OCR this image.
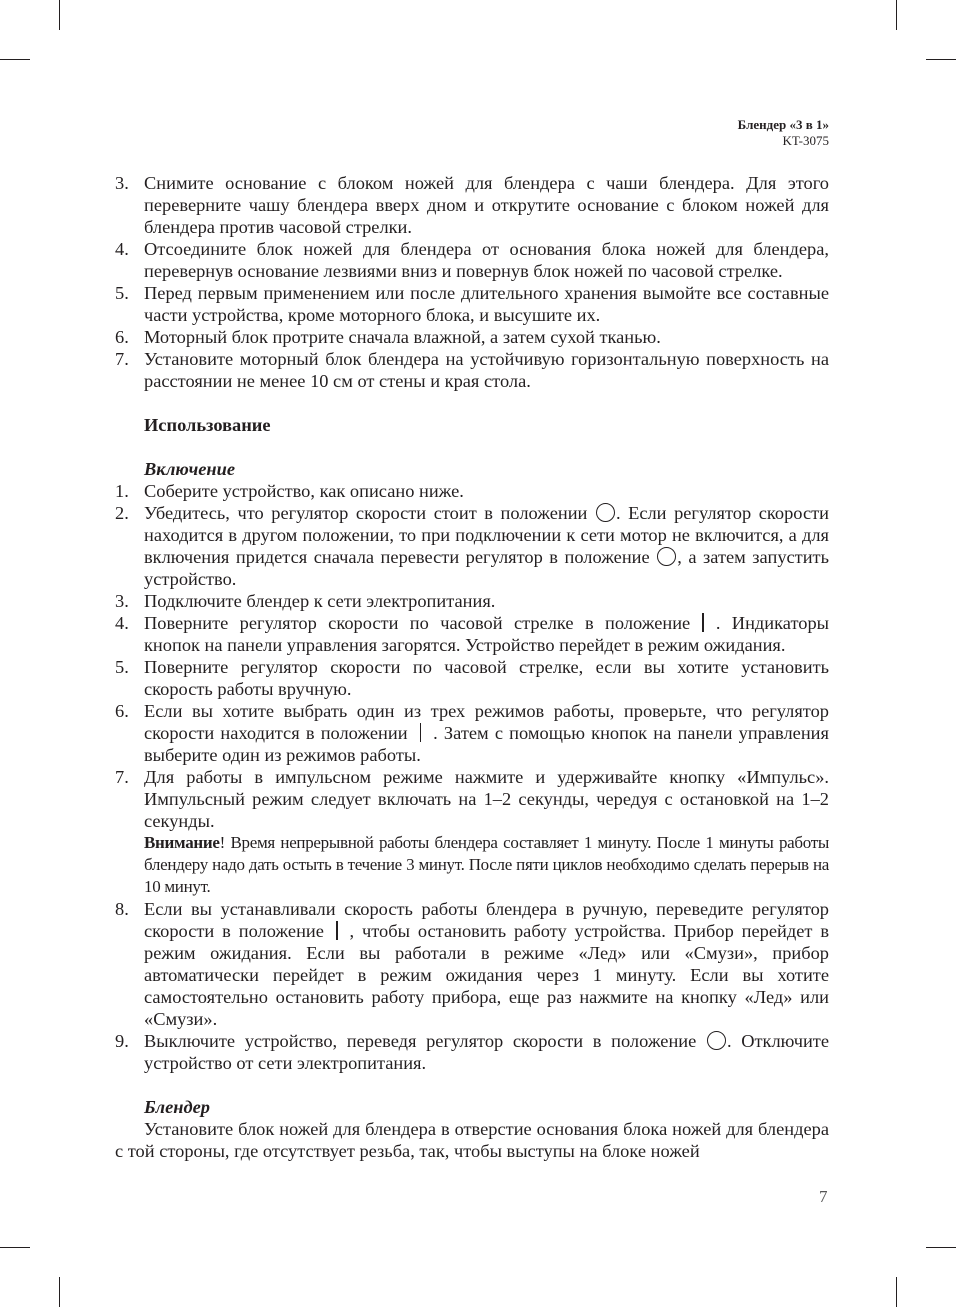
Блендер «3 в 1»
KT-3075
3. Снимите основание с блоком ножей для блендера с чаши блендера. Для этого переверните чашу блендера вверх дном и открутите основание с блоком ножей для блендера против часовой стрелки.
4. Отсоедините блок ножей для блендера от основания блока ножей для блендера, перевернув основание лезвиями вниз и повернув блок ножей по часовой стрелке.
5. Перед первым применением или после длительного хранения вымойте все составные части устройства, кроме моторного блока, и высушите их.
6. Моторный блок протрите сначала влажной, а затем сухой тканью.
7. Установите моторный блок блендера на устойчивую горизонтальную поверхность на расстоянии не менее 10 см от стены и края стола.
Использование
Включение
1. Соберите устройство, как описано ниже.
2. Убедитесь, что регулятор скорости стоит в положении . Если регулятор скорости находится в другом положении, то при подключении к сети мотор не включится, а для включения придется сначала перевести регулятор в положение , а затем запустить устройство.
3. Подключите блендер к сети электропитания.
4. Поверните регулятор скорости по часовой стрелке в положение . Индикаторы кнопок на панели управления загорятся. Устройство перейдет в режим ожидания.
5. Поверните регулятор скорости по часовой стрелке, если вы хотите установить скорость работы вручную.
6. Если вы хотите выбрать один из трех режимов работы, проверьте, что регулятор скорости находится в положении . Затем с помощью кнопок на панели управления выберите один из режимов работы.
7. Для работы в импульсном режиме нажмите и удерживайте кнопку «Импульс». Импульсный режим следует включать на 1–2 секунды, чередуя с остановкой на 1–2 секунды.
Внимание! Время непрерывной работы блендера составляет 1 минуту. После 1 минуты работы блендеру надо дать остыть в течение 3 минут. После пяти циклов необходимо сделать перерыв на 10 минут.
8. Если вы устанавливали скорость работы блендера в ручную, переведите регулятор скорости в положение , чтобы остановить работу устройства. Прибор перейдет в режим ожидания. Если вы работали в режиме «Лед» или «Смузи», прибор автоматически перейдет в режим ожидания через 1 минуту. Если вы хотите самостоятельно остановить работу прибора, еще раз нажмите на кнопку «Лед» или «Смузи».
9. Выключите устройство, переведя регулятор скорости в положение . Отключите устройство от сети электропитания.
Блендер
Установите блок ножей для блендера в отверстие основания блока ножей для блендера с той стороны, где отсутствует резьба, так, чтобы выступы на блоке ножей
7
